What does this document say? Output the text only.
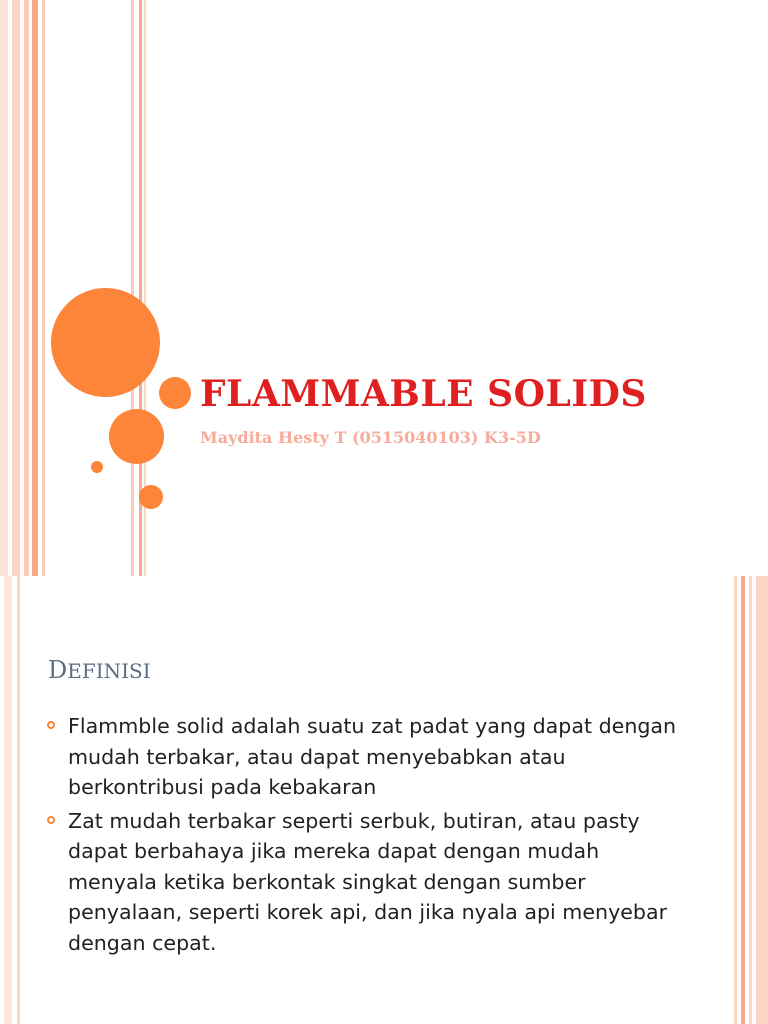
FLAMMABLE SOLIDS

Maydita Hesty T (0515040103) K3-5D

DEFINISI
Flammble solid adalah suatu zat padat yang dapat dengan mudah terbakar, atau dapat menyebabkan atau berkontribusi pada kebakaran
Zat mudah terbakar seperti serbuk, butiran, atau pasty dapat berbahaya jika mereka dapat dengan mudah menyala ketika berkontak singkat dengan sumber penyalaan, seperti korek api, dan jika nyala api menyebar dengan cepat.
